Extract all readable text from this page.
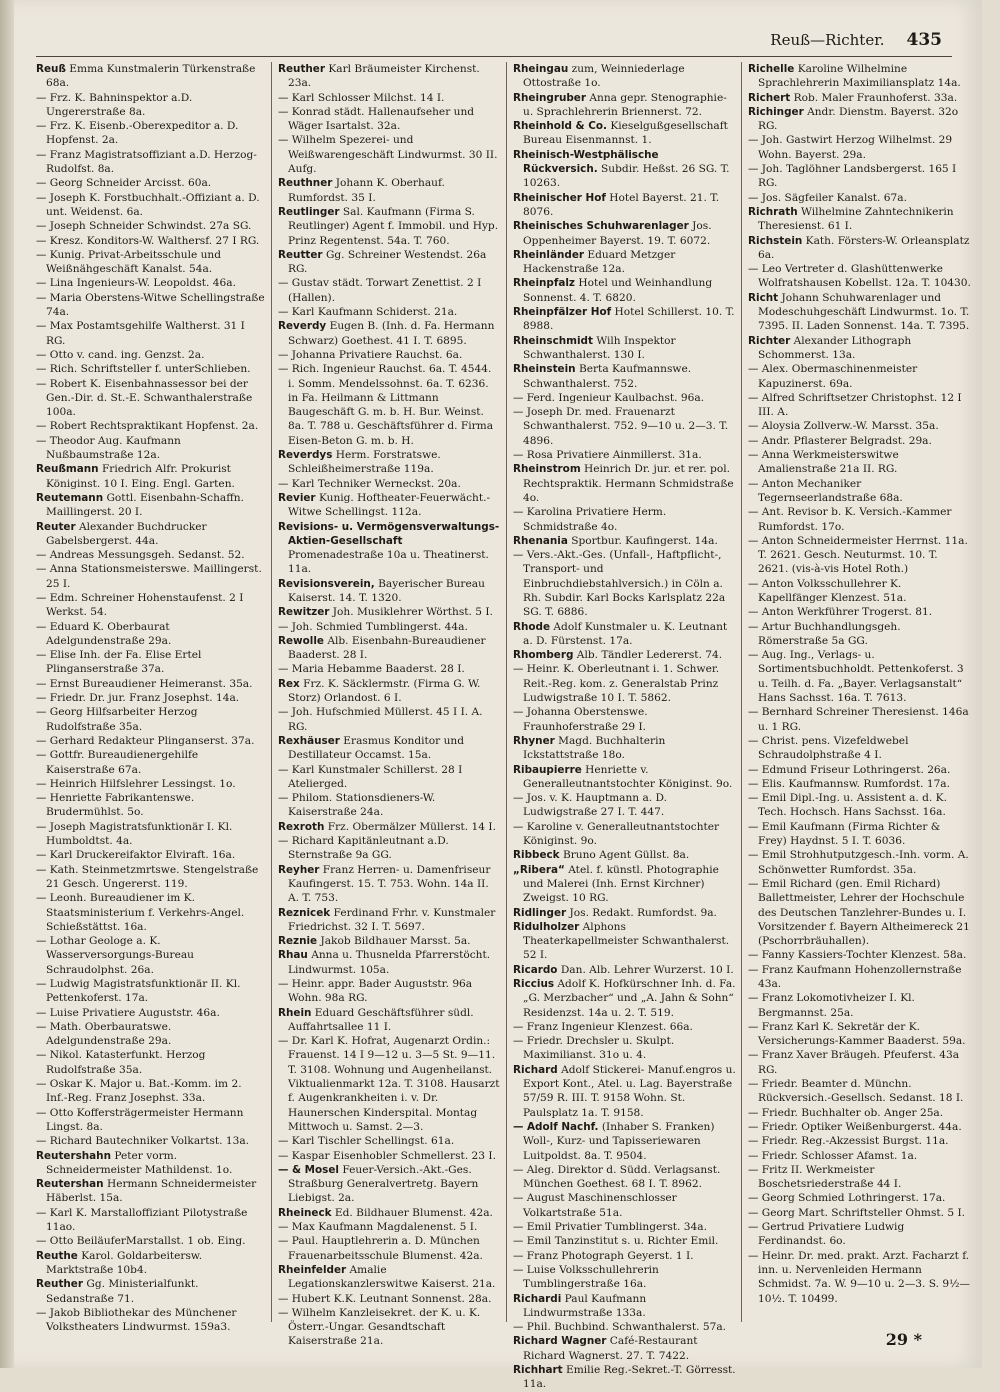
Reuß—Richter. 435

Reuß Emma Kunstmalerin Türkenstraße 68a.

— Frz. K. Bahninspektor a.D. Ungererstraße 8a.

— Frz. K. Eisenb.-Oberexpeditor a. D. Hopfenst. 2a.

— Franz Magistratsoffiziant a.D. Herzog-Rudolfst. 8a.

— Georg Schneider Arcisst. 60a.

— Joseph K. Forstbuchhalt.-Offiziant a. D. unt. Weidenst. 6a.

— Joseph Schneider Schwindst. 27a SG.

— Kresz. Konditors-W. Walthersf. 27 I RG.

— Kunig. Privat-Arbeitsschule und Weißnähgeschäft Kanalst. 54a.

— Lina Ingenieurs-W. Leopoldst. 46a.

— Maria Oberstens-Witwe Schellingstraße 74a.

— Max Postamtsgehilfe Waltherst. 31 I RG.

— Otto v. cand. ing. Genzst. 2a.

— Rich. Schriftsteller f. unterSchlieben.

— Robert K. Eisenbahnassessor bei der Gen.-Dir. d. St.-E. Schwanthalerstraße 100a.

— Robert Rechtspraktikant Hopfenst. 2a.

— Theodor Aug. Kaufmann Nußbaumstraße 12a.

Reußmann Friedrich Alfr. Prokurist Königinst. 10 I. Eing. Engl. Garten.

Reutemann Gottl. Eisenbahn-Schaffn. Maillingerst. 20 I.

Reuter Alexander Buchdrucker Gabelsbergerst. 44a.

— Andreas Messungsgeh. Sedanst. 52.

— Anna Stationsmeisterswe. Maillingerst. 25 I.

— Edm. Schreiner Hohenstaufenst. 2 I Werkst. 54.

— Eduard K. Oberbaurat Adelgundenstraße 29a.

— Elise Inh. der Fa. Elise Ertel Plinganserstraße 37a.

— Ernst Bureaudiener Heimeranst. 35a.

— Friedr. Dr. jur. Franz Josephst. 14a.

— Georg Hilfsarbeiter Herzog Rudolfstraße 35a.

— Gerhard Redakteur Plinganserst. 37a.

— Gottfr. Bureaudienergehilfe Kaiserstraße 67a.

— Heinrich Hilfslehrer Lessingst. 1o.

— Henriette Fabrikantenswe. Brudermühlst. 5o.

— Joseph Magistratsfunktionär I. Kl. Humboldtst. 4a.

— Karl Druckereifaktor Elviraft. 16a.

— Kath. Steinmetzmrtswe. Stengelstraße 21 Gesch. Ungererst. 119.

— Leonh. Bureaudiener im K. Staatsministerium f. Verkehrs-Angel. Schießstättst. 16a.

— Lothar Geologe a. K. Wasserversorgungs-Bureau Schraudolphst. 26a.

— Ludwig Magistratsfunktionär II. Kl. Pettenkoferst. 17a.

— Luise Privatiere Auguststr. 46a.

— Math. Oberbauratswe. Adelgundenstraße 29a.

— Nikol. Katasterfunkt. Herzog Rudolfstraße 35a.

— Oskar K. Major u. Bat.-Komm. im 2. Inf.-Reg. Franz Josephst. 33a.

— Otto Koffersträgermeister Hermann Lingst. 8a.

— Richard Bautechniker Volkartst. 13a.

Reutershahn Peter vorm. Schneidermeister Mathildenst. 1o.

Reutershan Hermann Schneidermeister Häberlst. 15a.

— Karl K. Marstalloffiziant Pilotystraße 11ao.

— Otto BeiläuferMarstallst. 1 ob. Eing.

Reuthe Karol. Goldarbeitersw. Marktstraße 10b4.

Reuther Gg. Ministerialfunkt. Sedanstraße 71.

— Jakob Bibliothekar des Münchener Volkstheaters Lindwurmst. 159a3.

Reuther Karl Bräumeister Kirchenst. 23a.

— Karl Schlosser Milchst. 14 I.

— Konrad städt. Hallenaufseher und Wäger Isartalst. 32a.

— Wilhelm Spezerei- und Weißwarengeschäft Lindwurmst. 30 II. Aufg.

Reuthner Johann K. Oberhauf. Rumfordst. 35 I.

Reutlinger Sal. Kaufmann (Firma S. Reutlinger) Agent f. Immobil. und Hyp. Prinz Regentenst. 54a. T. 760.

Reutter Gg. Schreiner Westendst. 26a RG.

— Gustav städt. Torwart Zenettist. 2 I (Hallen).

— Karl Kaufmann Schiderst. 21a.

Reverdy Eugen B. (Inh. d. Fa. Hermann Schwarz) Goethest. 41 I. T. 6895.

— Johanna Privatiere Rauchst. 6a.

— Rich. Ingenieur Rauchst. 6a. T. 4544. i. Somm. Mendelssohnst. 6a. T. 6236. in Fa. Heilmann & Littmann Baugeschäft G. m. b. H. Bur. Weinst. 8a. T. 788 u. Geschäftsführer d. Firma Eisen-Beton G. m. b. H.

Reverdys Herm. Forstratswe. Schleißheimerstraße 119a.

— Karl Techniker Werneckst. 20a.

Revier Kunig. Hoftheater-Feuerwächt.-Witwe Schellingst. 112a.

Revisions- u. Vermögensverwaltungs-Aktien-Gesellschaft Promenadestraße 10a u. Theatinerst. 11a.

Revisionsverein, Bayerischer Bureau Kaiserst. 14. T. 1320.

Rewitzer Joh. Musiklehrer Wörthst. 5 I.

— Joh. Schmied Tumblingerst. 44a.

Rewolle Alb. Eisenbahn-Bureaudiener Baaderst. 28 I.

— Maria Hebamme Baaderst. 28 I.

Rex Frz. K. Säcklermstr. (Firma G. W. Storz) Orlandost. 6 I.

— Joh. Hufschmied Müllerst. 45 I I. A. RG.

Rexhäuser Erasmus Konditor und Destillateur Occamst. 15a.

— Karl Kunstmaler Schillerst. 28 I Atelierged.

— Philom. Stationsdieners-W. Kaiserstraße 24a.

Rexroth Frz. Obermälzer Müllerst. 14 I.

— Richard Kapitänleutnant a.D. Sternstraße 9a GG.

Reyher Franz Herren- u. Damenfriseur Kaufingerst. 15. T. 753. Wohn. 14a II. A. T. 753.

Reznicek Ferdinand Frhr. v. Kunstmaler Friedrichst. 32 I. T. 5697.

Reznie Jakob Bildhauer Marsst. 5a.

Rhau Anna u. Thusnelda Pfarrerstöcht. Lindwurmst. 105a.

— Heinr. appr. Bader Auguststr. 96a Wohn. 98a RG.

Rhein Eduard Geschäftsführer südl. Auffahrtsallee 11 I.

— Dr. Karl K. Hofrat, Augenarzt Ordin.: Frauenst. 14 I 9—12 u. 3—5 St. 9—11. T. 3108. Wohnung und Augenheilanst. Viktualienmarkt 12a. T. 3108. Hausarzt f. Augenkrankheiten i. v. Dr. Haunerschen Kinderspital. Montag Mittwoch u. Samst. 2—3.

— Karl Tischler Schellingst. 61a.

— Kaspar Eisenhobler Schmellerst. 23 I.

— & Mosel Feuer-Versich.-Akt.-Ges. Straßburg Generalvertretg. Bayern Liebigst. 2a.

Rheineck Ed. Bildhauer Blumenst. 42a.

— Max Kaufmann Magdalenenst. 5 I.

— Paul. Hauptlehrerin a. D. München Frauenarbeitsschule Blumenst. 42a.

Rheinfelder Amalie Legationskanzlerswitwe Kaiserst. 21a.

— Hubert K.K. Leutnant Sonnenst. 28a.

— Wilhelm Kanzleisekret. der K. u. K. Österr.-Ungar. Gesandtschaft Kaiserstraße 21a.

Rheingau zum, Weinniederlage Ottostraße 1o.

Rheingruber Anna gepr. Stenographie- u. Sprachlehrerin Briennerst. 72.

Rheinhold & Co. Kieselgußgesellschaft Bureau Eisenmannst. 1.

Rheinisch-Westphälische Rückversich. Subdir. Heßst. 26 SG. T. 10263.

Rheinischer Hof Hotel Bayerst. 21. T. 8076.

Rheinisches Schuhwarenlager Jos. Oppenheimer Bayerst. 19. T. 6072.

Rheinländer Eduard Metzger Hackenstraße 12a.

Rheinpfalz Hotel und Weinhandlung Sonnenst. 4. T. 6820.

Rheinpfälzer Hof Hotel Schillerst. 10. T. 8988.

Rheinschmidt Wilh Inspektor Schwanthalerst. 130 I.

Rheinstein Berta Kaufmannswe. Schwanthalerst. 752.

— Ferd. Ingenieur Kaulbachst. 96a.

— Joseph Dr. med. Frauenarzt Schwanthalerst. 752. 9—10 u. 2—3. T. 4896.

— Rosa Privatiere Ainmillerst. 31a.

Rheinstrom Heinrich Dr. jur. et rer. pol. Rechtspraktik. Hermann Schmidstraße 4o.

— Karolina Privatiere Herm. Schmidstraße 4o.

Rhenania Sportbur. Kaufingerst. 14a.

— Vers.-Akt.-Ges. (Unfall-, Haftpflicht-, Transport- und Einbruchdiebstahlversich.) in Cöln a. Rh. Subdir. Karl Bocks Karlsplatz 22a SG. T. 6886.

Rhode Adolf Kunstmaler u. K. Leutnant a. D. Fürstenst. 17a.

Rhomberg Alb. Tändler Ledererst. 74.

— Heinr. K. Oberleutnant i. 1. Schwer. Reit.-Reg. kom. z. Generalstab Prinz Ludwigstraße 10 I. T. 5862.

— Johanna Oberstenswe. Fraunhoferstraße 29 I.

Rhyner Magd. Buchhalterin Ickstattstraße 18o.

Ribaupierre Henriette v. Generalleutnantstochter Königinst. 9o.

— Jos. v. K. Hauptmann a. D. Ludwigstraße 27 I. T. 447.

— Karoline v. Generalleutnantstochter Königinst. 9o.

Ribbeck Bruno Agent Güllst. 8a.

„Ribera“ Atel. f. künstl. Photographie und Malerei (Inh. Ernst Kirchner) Zweigst. 10 RG.

Ridlinger Jos. Redakt. Rumfordst. 9a.

Ridulholzer Alphons Theaterkapellmeister Schwanthalerst. 52 I.

Ricardo Dan. Alb. Lehrer Wurzerst. 10 I.

Riccius Adolf K. Hofkürschner Inh. d. Fa. „G. Merzbacher“ und „A. Jahn & Sohn“ Residenzst. 14a u. 2. T. 519.

— Franz Ingenieur Klenzest. 66a.

— Friedr. Drechsler u. Skulpt. Maximilianst. 31o u. 4.

Richard Adolf Stickerei- Manuf.engros u. Export Kont., Atel. u. Lag. Bayerstraße 57/59 R. III. T. 9158 Wohn. St. Paulsplatz 1a. T. 9158.

— Adolf Nachf. (Inhaber S. Franken) Woll-, Kurz- und Tapisseriewaren Luitpoldst. 8a. T. 9504.

— Aleg. Direktor d. Südd. Verlagsanst. München Goethest. 68 I. T. 8962.

— August Maschinenschlosser Volkartstraße 51a.

— Emil Privatier Tumblingerst. 34a.

— Emil Tanzinstitut s. u. Richter Emil.

— Franz Photograph Geyerst. 1 I.

— Luise Volksschullehrerin Tumblingerstraße 16a.

Richardi Paul Kaufmann Lindwurmstraße 133a.

— Phil. Buchbind. Schwanthalerst. 57a.

Richard Wagner Café-Restaurant Richard Wagnerst. 27. T. 7422.

Richhart Emilie Reg.-Sekret.-T. Görresst. 11a.

Richelle Karoline Wilhelmine Sprachlehrerin Maximiliansplatz 14a.

Richert Rob. Maler Fraunhoferst. 33a.

Richinger Andr. Dienstm. Bayerst. 32o RG.

— Joh. Gastwirt Herzog Wilhelmst. 29 Wohn. Bayerst. 29a.

— Joh. Taglöhner Landsbergerst. 165 I RG.

— Jos. Sägfeiler Kanalst. 67a.

Richrath Wilhelmine Zahntechnikerin Theresienst. 61 I.

Richstein Kath. Försters-W. Orleansplatz 6a.

— Leo Vertreter d. Glashüttenwerke Wolfratshausen Kobellst. 12a. T. 10430.

Richt Johann Schuhwarenlager und Modeschuhgeschäft Lindwurmst. 1o. T. 7395. II. Laden Sonnenst. 14a. T. 7395.

Richter Alexander Lithograph Schommerst. 13a.

— Alex. Obermaschinenmeister Kapuzinerst. 69a.

— Alfred Schriftsetzer Christophst. 12 I III. A.

— Aloysia Zollverw.-W. Marsst. 35a.

— Andr. Pflasterer Belgradst. 29a.

— Anna Werkmeisterswitwe Amalienstraße 21a II. RG.

— Anton Mechaniker Tegernseerlandstraße 68a.

— Ant. Revisor b. K. Versich.-Kammer Rumfordst. 17o.

— Anton Schneidermeister Herrnst. 11a. T. 2621. Gesch. Neuturmst. 10. T. 2621. (vis-à-vis Hotel Roth.)

— Anton Volksschullehrer K. Kapellfänger Klenzest. 51a.

— Anton Werkführer Trogerst. 81.

— Artur Buchhandlungsgeh. Römerstraße 5a GG.

— Aug. Ing., Verlags- u. Sortimentsbuchholdt. Pettenkoferst. 3 u. Teilh. d. Fa. „Bayer. Verlagsanstalt“ Hans Sachsst. 16a. T. 7613.

— Bernhard Schreiner Theresienst. 146a u. 1 RG.

— Christ. pens. Vizefeldwebel Schraudolphstraße 4 I.

— Edmund Friseur Lothringerst. 26a.

— Elis. Kaufmannsw. Rumfordst. 17a.

— Emil Dipl.-Ing. u. Assistent a. d. K. Tech. Hochsch. Hans Sachsst. 16a.

— Emil Kaufmann (Firma Richter & Frey) Haydnst. 5 I. T. 6036.

— Emil Strohhutputzgesch.-Inh. vorm. A. Schönwetter Rumfordst. 35a.

— Emil Richard (gen. Emil Richard) Ballettmeister, Lehrer der Hochschule des Deutschen Tanzlehrer-Bundes u. I. Vorsitzender f. Bayern Altheimereck 21 (Pschorrbräuhallen).

— Fanny Kassiers-Tochter Klenzest. 58a.

— Franz Kaufmann Hohenzollernstraße 43a.

— Franz Lokomotivheizer I. Kl. Bergmannst. 25a.

— Franz Karl K. Sekretär der K. Versicherungs-Kammer Baaderst. 59a.

— Franz Xaver Bräugeh. Pfeuferst. 43a RG.

— Friedr. Beamter d. Münchn. Rückversich.-Gesellsch. Sedanst. 18 I.

— Friedr. Buchhalter ob. Anger 25a.

— Friedr. Optiker Weißenburgerst. 44a.

— Friedr. Reg.-Akzessist Burgst. 11a.

— Friedr. Schlosser Afamst. 1a.

— Fritz II. Werkmeister Boschetsriederstraße 44 I.

— Georg Schmied Lothringerst. 17a.

— Georg Mart. Schriftsteller Ohmst. 5 I.

— Gertrud Privatiere Ludwig Ferdinandst. 6o.

— Heinr. Dr. med. prakt. Arzt. Facharzt f. inn. u. Nervenleiden Hermann Schmidst. 7a. W. 9—10 u. 2—3. S. 9½—10½. T. 10499.

29 *
